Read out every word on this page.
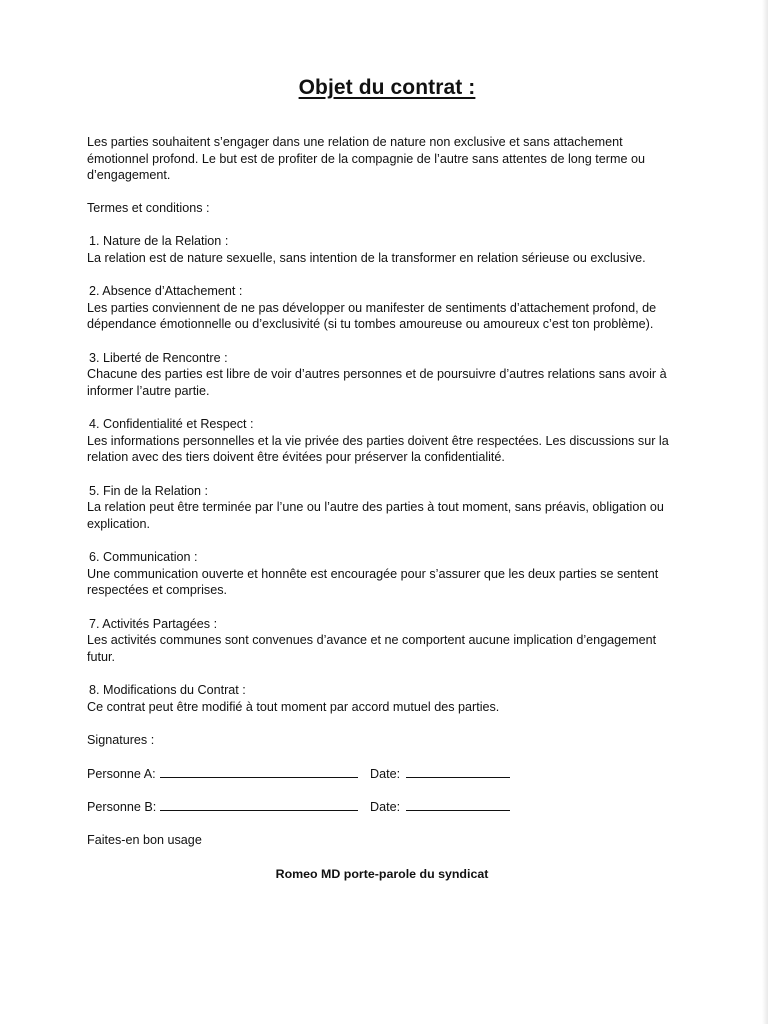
Objet du contrat :

Les parties souhaitent s’engager dans une relation de nature non exclusive et sans attachement émotionnel profond. Le but est de profiter de la compagnie de l’autre sans attentes de long terme ou d’engagement.

Termes et conditions :

1. Nature de la Relation :

La relation est de nature sexuelle, sans intention de la transformer en relation sérieuse ou exclusive.

2. Absence d’Attachement :

Les parties conviennent de ne pas développer ou manifester de sentiments d’attachement profond, de dépendance émotionnelle ou d’exclusivité (si tu tombes amoureuse ou amoureux c’est ton problème).

3. Liberté de Rencontre :

Chacune des parties est libre de voir d’autres personnes et de poursuivre d’autres relations sans avoir à informer l’autre partie.

4. Confidentialité et Respect :

Les informations personnelles et la vie privée des parties doivent être respectées. Les discussions sur la relation avec des tiers doivent être évitées pour préserver la confidentialité.

5. Fin de la Relation :

La relation peut être terminée par l’une ou l’autre des parties à tout moment, sans préavis, obligation ou explication.

6. Communication :

Une communication ouverte et honnête est encouragée pour s’assurer que les deux parties se sentent respectées et comprises.

7. Activités Partagées :

Les activités communes sont convenues d’avance et ne comportent aucune implication d’engagement futur.

8. Modifications du Contrat :

Ce contrat peut être modifié à tout moment par accord mutuel des parties.

Signatures :

Personne A:	Date:
Personne B:	Date:

Faites-en bon usage

Romeo MD porte-parole du syndicat
